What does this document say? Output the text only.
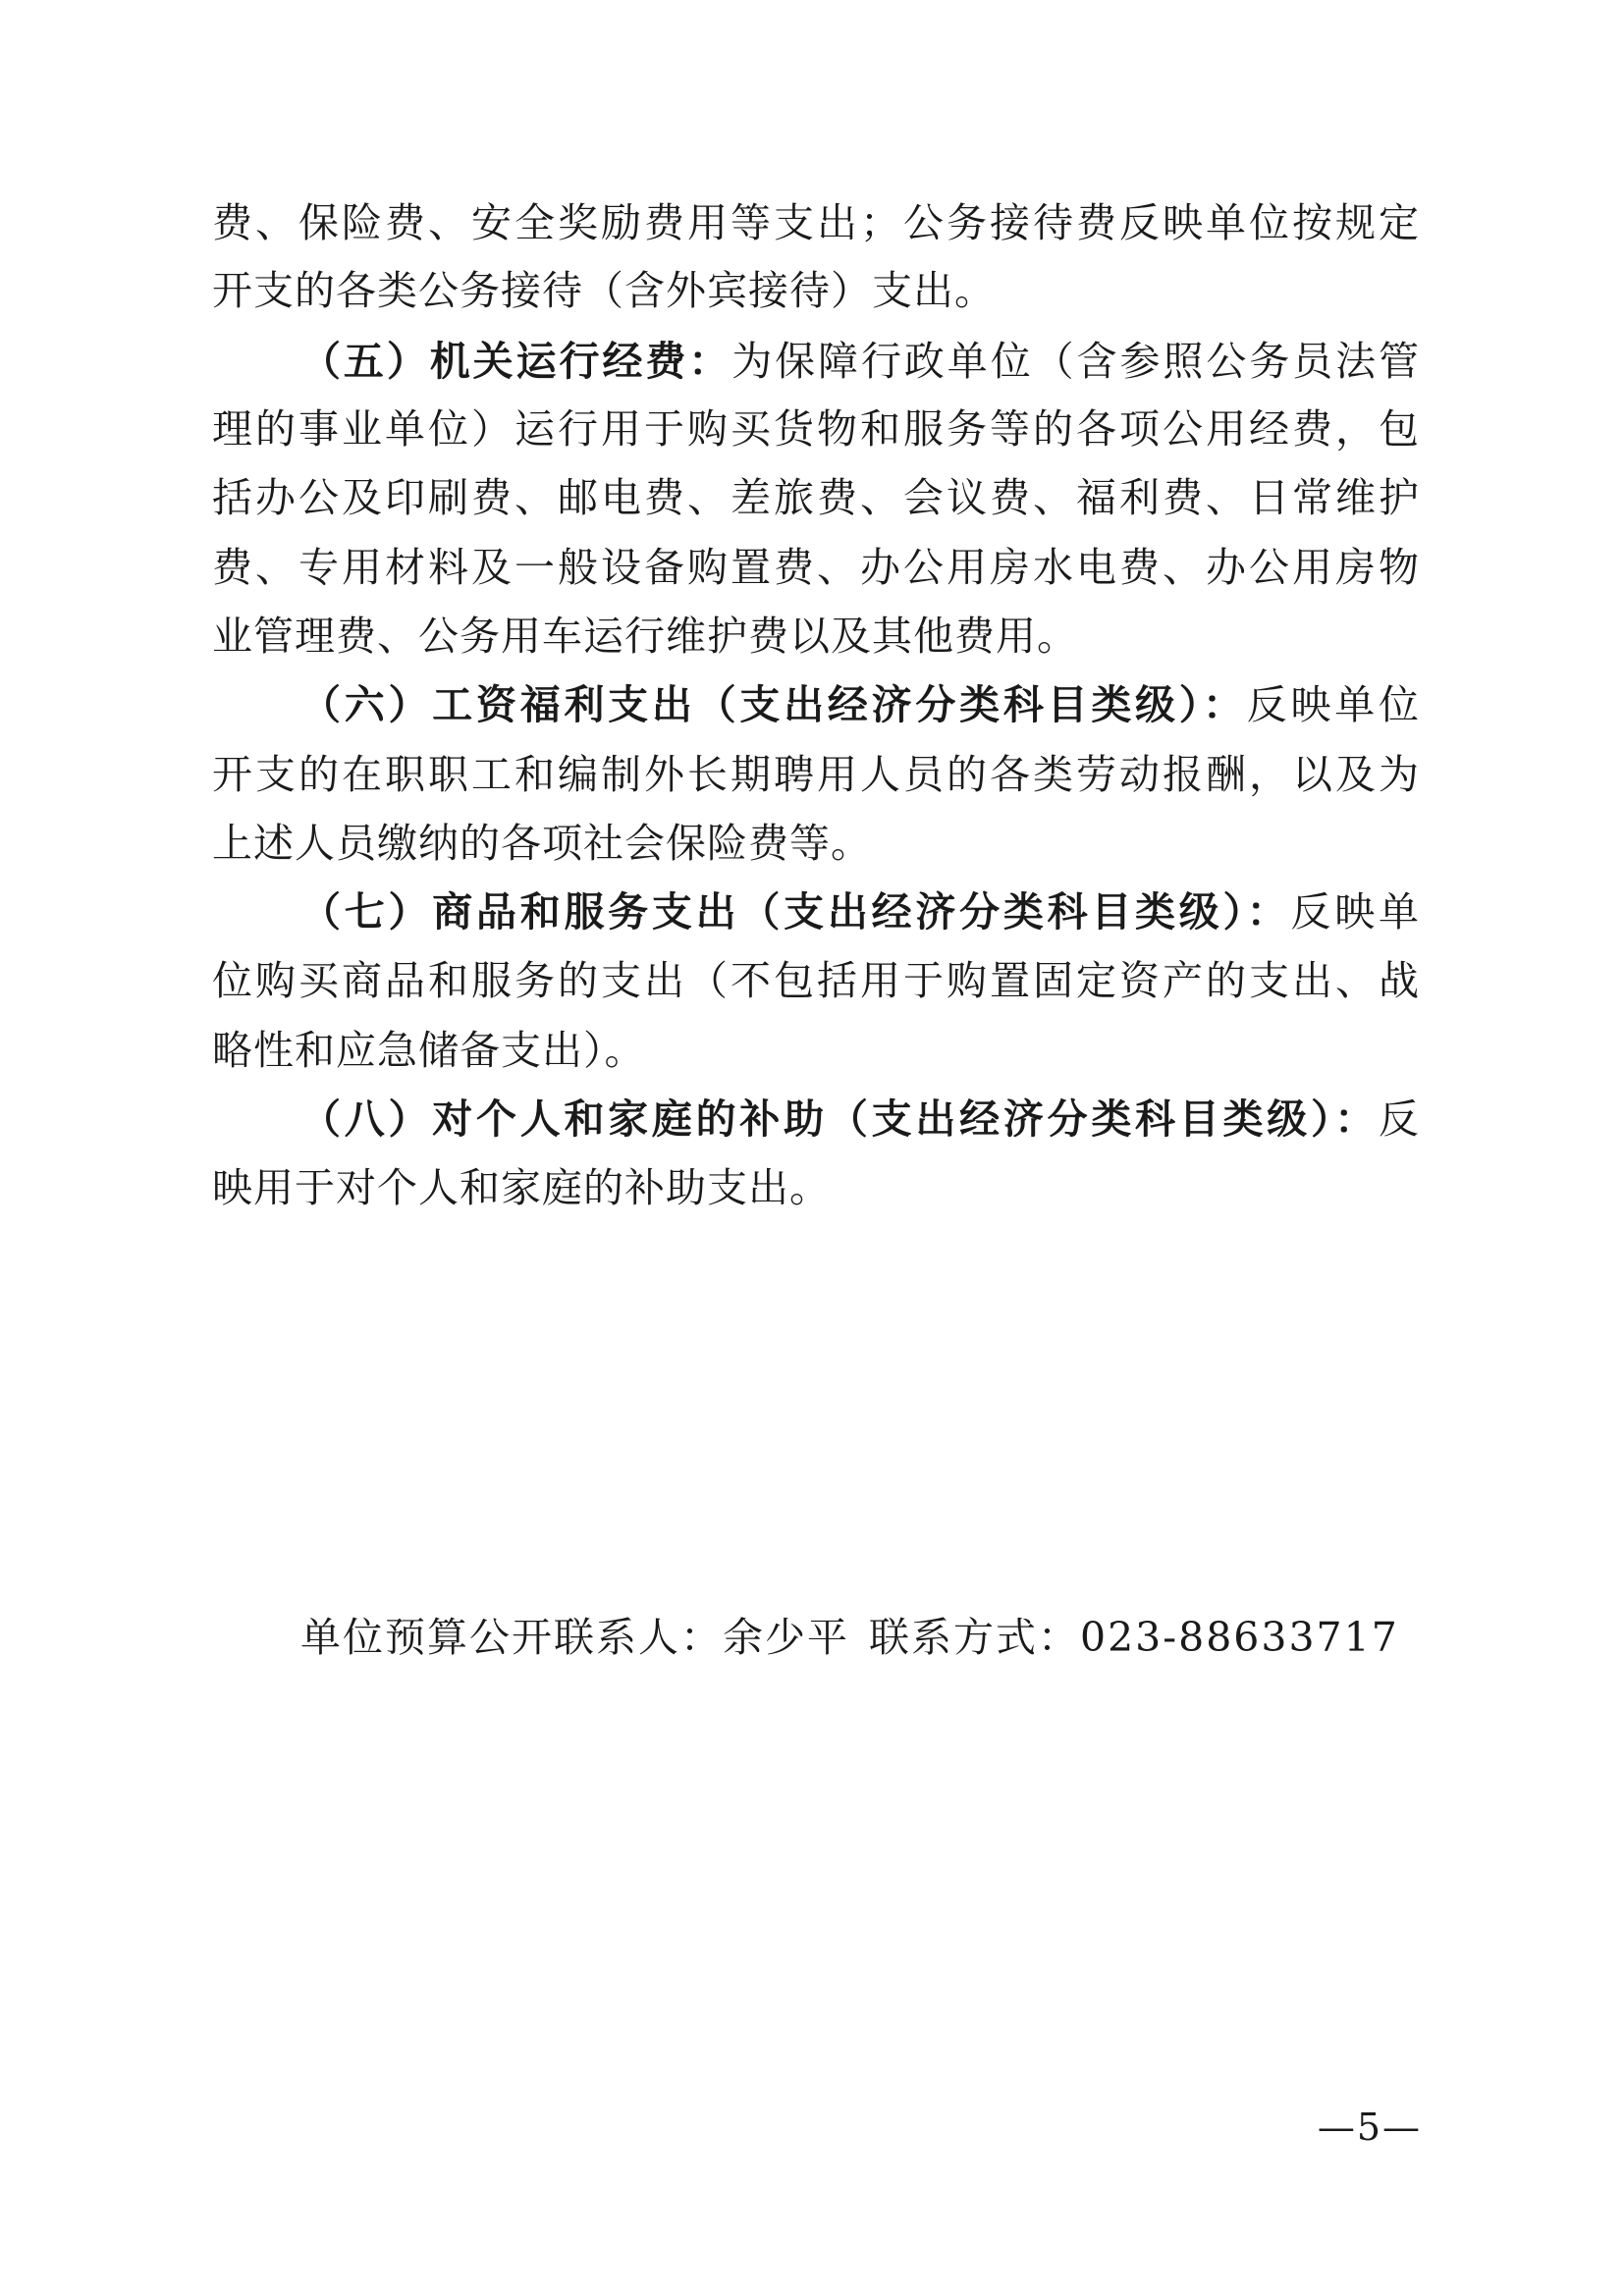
费、保险费、安全奖励费用等支出；公务接待费反映单位按规定
开支的各类公务接待（含外宾接待）支出。
（五）机关运行经费：为保障行政单位（含参照公务员法管
理的事业单位）运行用于购买货物和服务等的各项公用经费，包
括办公及印刷费、邮电费、差旅费、会议费、福利费、日常维护
费、专用材料及一般设备购置费、办公用房水电费、办公用房物
业管理费、公务用车运行维护费以及其他费用。
（六）工资福利支出（支出经济分类科目类级）：反映单位
开支的在职职工和编制外长期聘用人员的各类劳动报酬，以及为
上述人员缴纳的各项社会保险费等。
（七）商品和服务支出（支出经济分类科目类级）：反映单
位购买商品和服务的支出（不包括用于购置固定资产的支出、战
略性和应急储备支出）。
（八）对个人和家庭的补助（支出经济分类科目类级）：反
映用于对个人和家庭的补助支出。
单位预算公开联系人：余少平 联系方式：023-88633717
—5—
